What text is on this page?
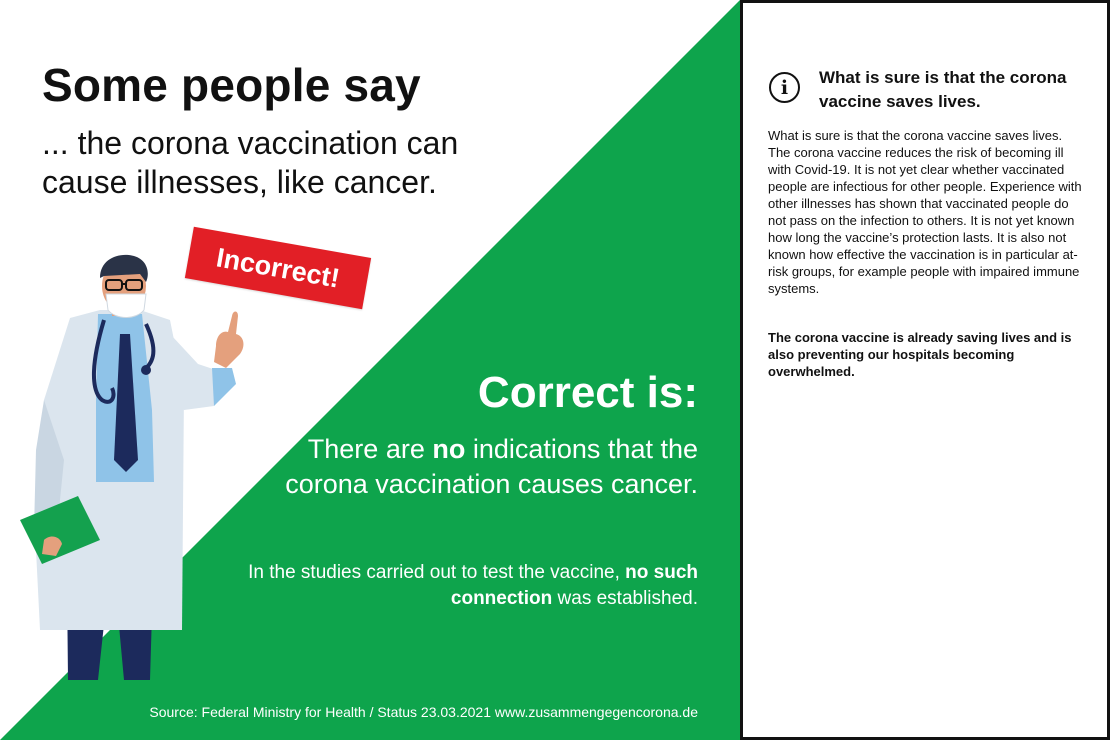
Some people say

... the corona vaccination can cause illnesses, like cancer.

Incorrect!
Correct is:

There are no indications that the corona vaccination causes cancer.

In the studies carried out to test the vaccine, no such connection was established.

Source: Federal Ministry for Health / Status 23.03.2021 www.zusammengegencorona.de

i	What is sure is that the corona vaccine saves lives.

What is sure is that the corona vaccine saves lives. The corona vaccine reduces the risk of becoming ill with Covid-19. It is not yet clear whether vaccinated people are infectious for other people. Experience with other illnesses has shown that vaccinated people do not pass on the infection to others. It is not yet known how long the vaccine’s protection lasts. It is also not known how effective the vaccination is in particular at-risk groups, for example people with impaired immune systems.

The corona vaccine is already saving lives and is also preventing our hospitals becoming overwhelmed.
